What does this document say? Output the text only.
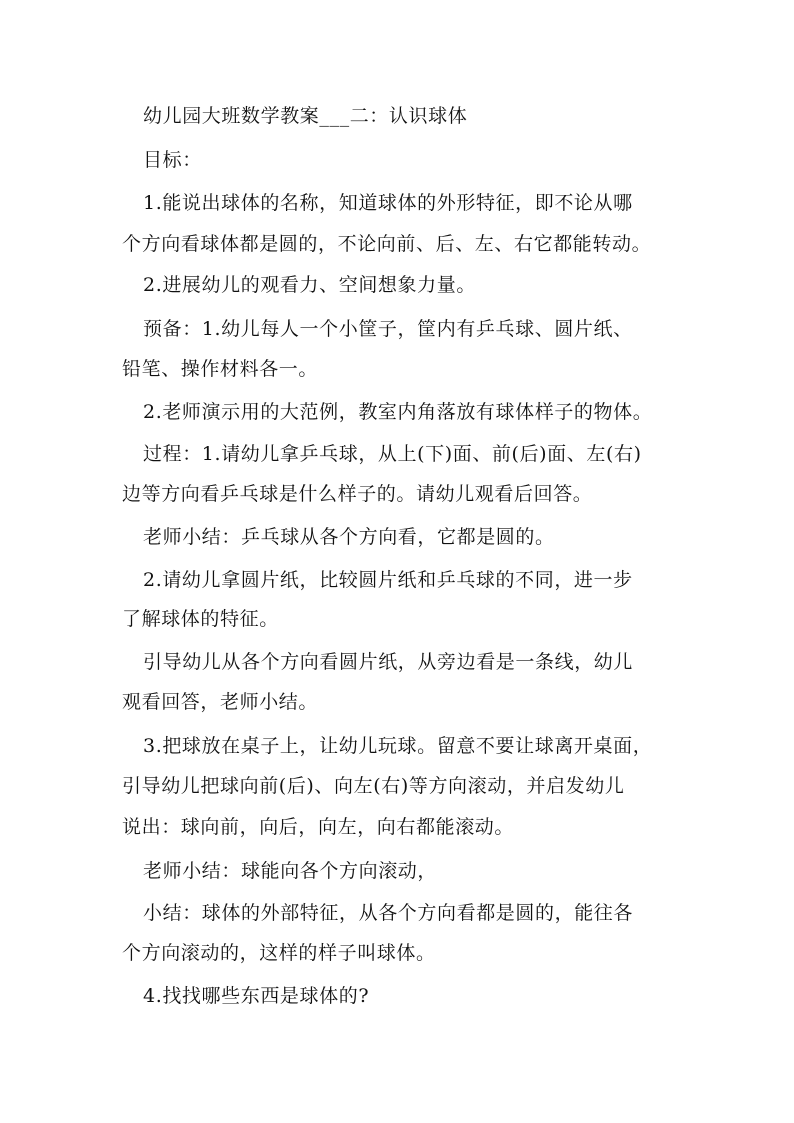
幼儿园大班数学教案___二：认识球体
目标：
1.能说出球体的名称，知道球体的外形特征，即不论从哪
个方向看球体都是圆的，不论向前、后、左、右它都能转动。
2.进展幼儿的观看力、空间想象力量。
预备：1.幼儿每人一个小筐子，筐内有乒乓球、圆片纸、
铅笔、操作材料各一。
2.老师演示用的大范例，教室内角落放有球体样子的物体。
过程：1.请幼儿拿乒乓球，从上(下)面、前(后)面、左(右)
边等方向看乒乓球是什么样子的。请幼儿观看后回答。
老师小结：乒乓球从各个方向看，它都是圆的。
2.请幼儿拿圆片纸，比较圆片纸和乒乓球的不同，进一步
了解球体的特征。
引导幼儿从各个方向看圆片纸，从旁边看是一条线，幼儿
观看回答，老师小结。
3.把球放在桌子上，让幼儿玩球。留意不要让球离开桌面，
引导幼儿把球向前(后)、向左(右)等方向滚动，并启发幼儿
说出：球向前，向后，向左，向右都能滚动。
老师小结：球能向各个方向滚动，
小结：球体的外部特征，从各个方向看都是圆的，能往各
个方向滚动的，这样的样子叫球体。
4.找找哪些东西是球体的?
